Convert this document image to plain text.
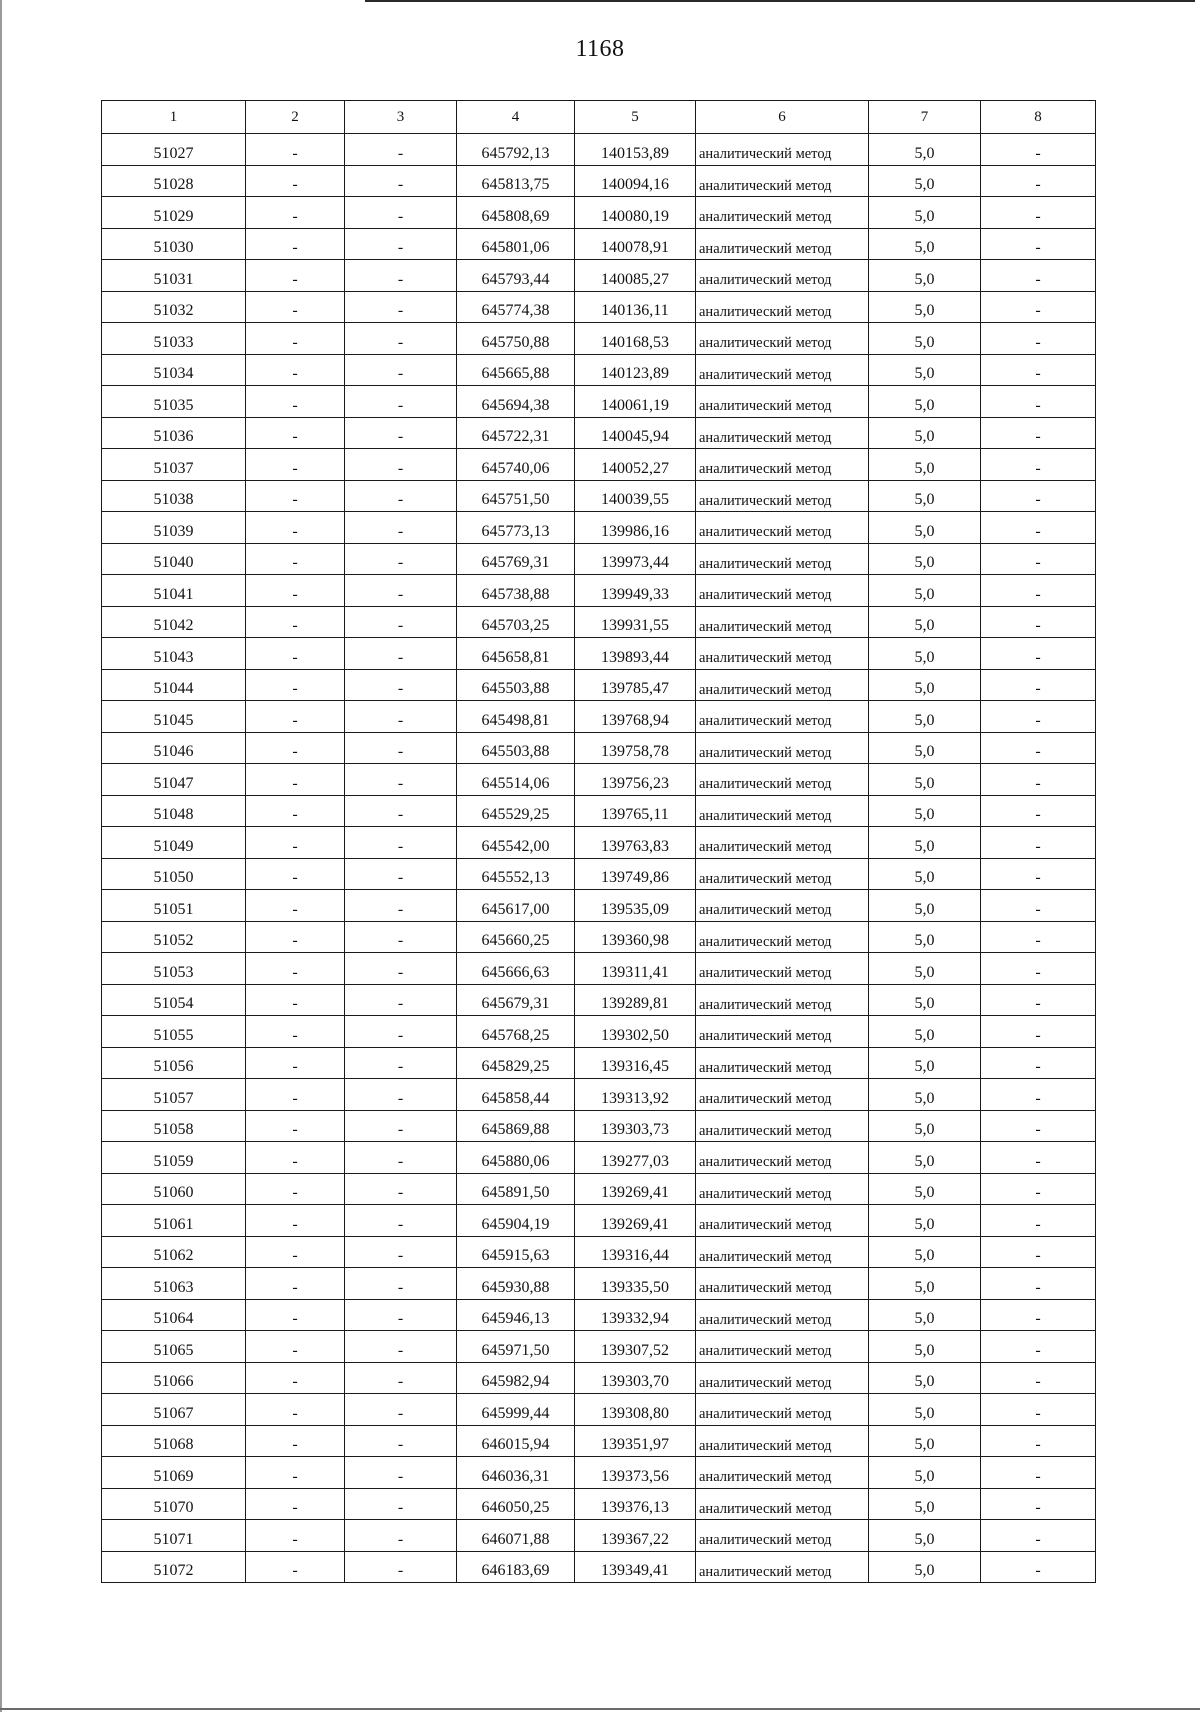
1168
1	2	3	4	5	6	7	8
51027	-	-	645792,13	140153,89	аналитический метод	5,0	-
51028	-	-	645813,75	140094,16	аналитический метод	5,0	-
51029	-	-	645808,69	140080,19	аналитический метод	5,0	-
51030	-	-	645801,06	140078,91	аналитический метод	5,0	-
51031	-	-	645793,44	140085,27	аналитический метод	5,0	-
51032	-	-	645774,38	140136,11	аналитический метод	5,0	-
51033	-	-	645750,88	140168,53	аналитический метод	5,0	-
51034	-	-	645665,88	140123,89	аналитический метод	5,0	-
51035	-	-	645694,38	140061,19	аналитический метод	5,0	-
51036	-	-	645722,31	140045,94	аналитический метод	5,0	-
51037	-	-	645740,06	140052,27	аналитический метод	5,0	-
51038	-	-	645751,50	140039,55	аналитический метод	5,0	-
51039	-	-	645773,13	139986,16	аналитический метод	5,0	-
51040	-	-	645769,31	139973,44	аналитический метод	5,0	-
51041	-	-	645738,88	139949,33	аналитический метод	5,0	-
51042	-	-	645703,25	139931,55	аналитический метод	5,0	-
51043	-	-	645658,81	139893,44	аналитический метод	5,0	-
51044	-	-	645503,88	139785,47	аналитический метод	5,0	-
51045	-	-	645498,81	139768,94	аналитический метод	5,0	-
51046	-	-	645503,88	139758,78	аналитический метод	5,0	-
51047	-	-	645514,06	139756,23	аналитический метод	5,0	-
51048	-	-	645529,25	139765,11	аналитический метод	5,0	-
51049	-	-	645542,00	139763,83	аналитический метод	5,0	-
51050	-	-	645552,13	139749,86	аналитический метод	5,0	-
51051	-	-	645617,00	139535,09	аналитический метод	5,0	-
51052	-	-	645660,25	139360,98	аналитический метод	5,0	-
51053	-	-	645666,63	139311,41	аналитический метод	5,0	-
51054	-	-	645679,31	139289,81	аналитический метод	5,0	-
51055	-	-	645768,25	139302,50	аналитический метод	5,0	-
51056	-	-	645829,25	139316,45	аналитический метод	5,0	-
51057	-	-	645858,44	139313,92	аналитический метод	5,0	-
51058	-	-	645869,88	139303,73	аналитический метод	5,0	-
51059	-	-	645880,06	139277,03	аналитический метод	5,0	-
51060	-	-	645891,50	139269,41	аналитический метод	5,0	-
51061	-	-	645904,19	139269,41	аналитический метод	5,0	-
51062	-	-	645915,63	139316,44	аналитический метод	5,0	-
51063	-	-	645930,88	139335,50	аналитический метод	5,0	-
51064	-	-	645946,13	139332,94	аналитический метод	5,0	-
51065	-	-	645971,50	139307,52	аналитический метод	5,0	-
51066	-	-	645982,94	139303,70	аналитический метод	5,0	-
51067	-	-	645999,44	139308,80	аналитический метод	5,0	-
51068	-	-	646015,94	139351,97	аналитический метод	5,0	-
51069	-	-	646036,31	139373,56	аналитический метод	5,0	-
51070	-	-	646050,25	139376,13	аналитический метод	5,0	-
51071	-	-	646071,88	139367,22	аналитический метод	5,0	-
51072	-	-	646183,69	139349,41	аналитический метод	5,0	-
